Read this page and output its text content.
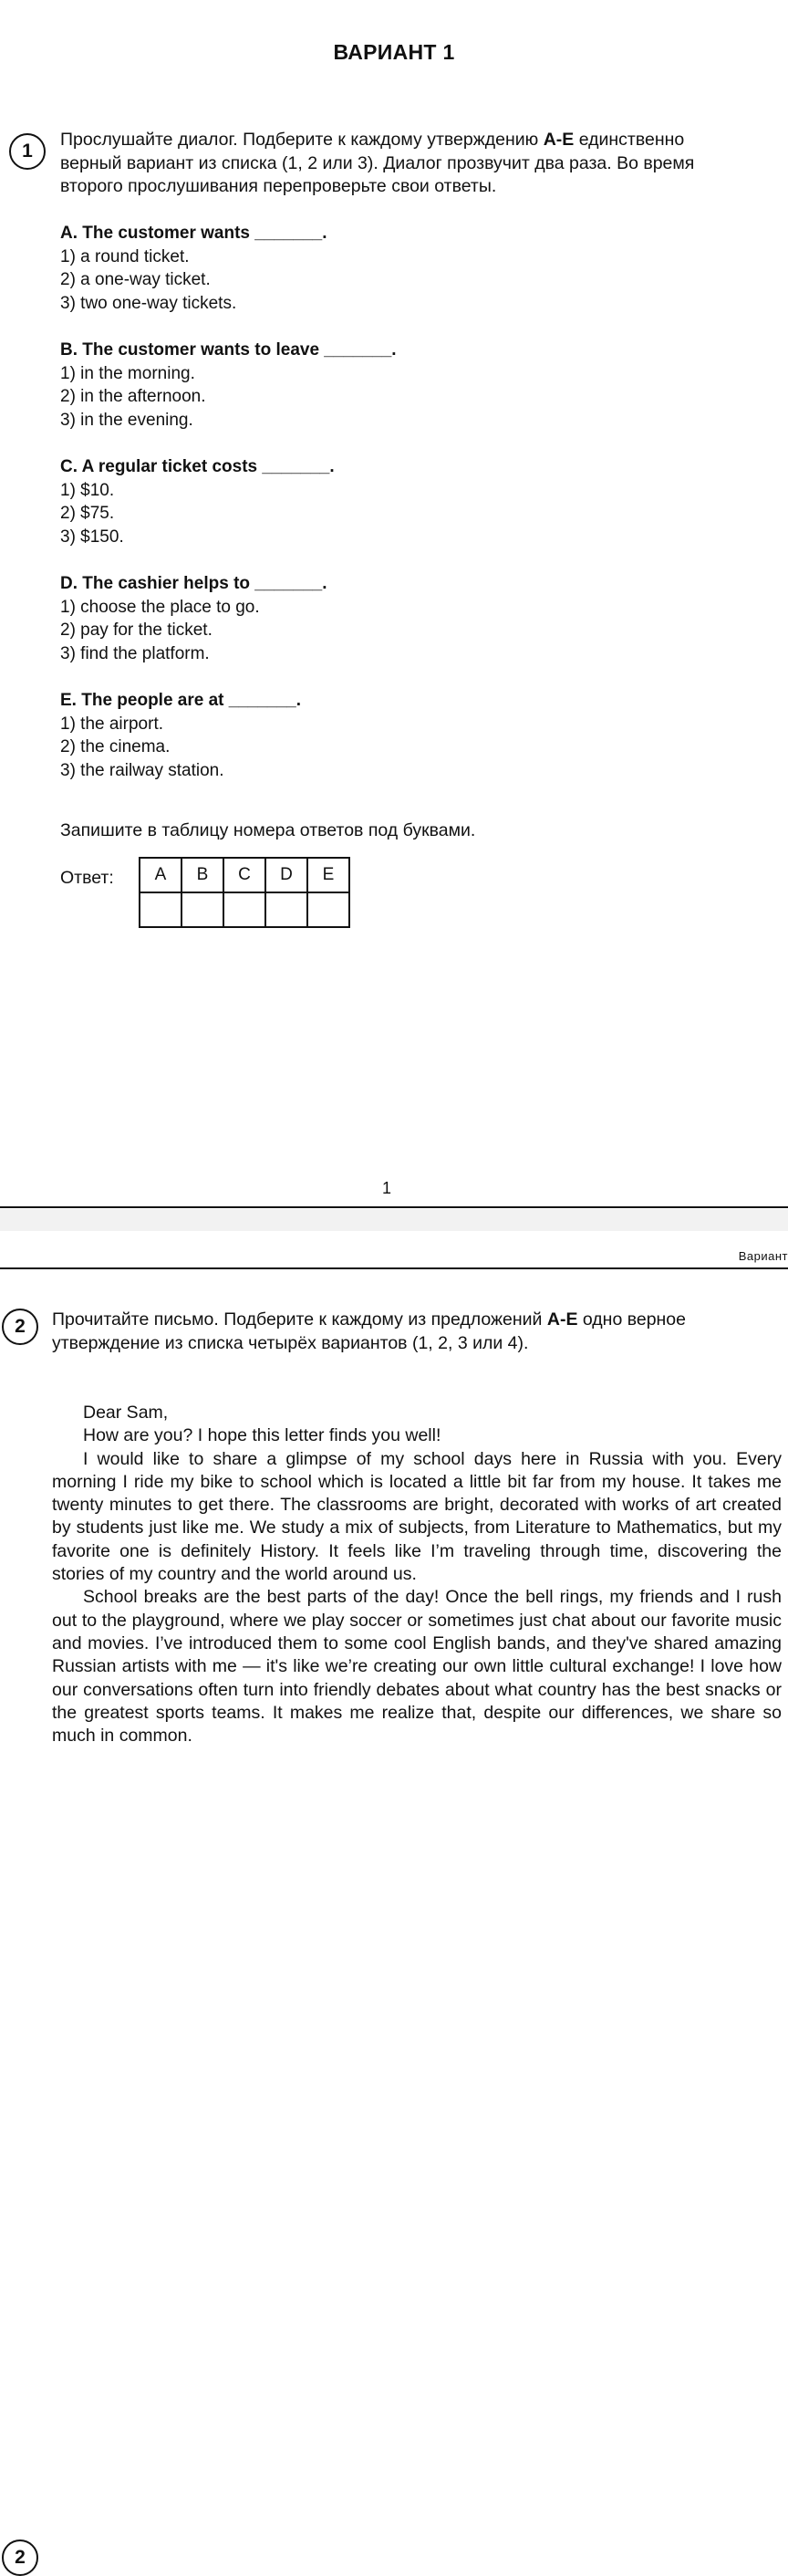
ВАРИАНТ 1
1
Прослушайте диалог. Подберите к каждому утверждению А-Е единственно
верный вариант из списка (1, 2 или 3). Диалог прозвучит два раза. Во время
второго прослушивания перепроверьте свои ответы.
A. The customer wants _______.
1) a round ticket.
2) a one-way ticket.
3) two one-way tickets.
B. The customer wants to leave _______.
1) in the morning.
2) in the afternoon.
3) in the evening.
C. A regular ticket costs _______.
1) $10.
2) $75.
3) $150.
D. The cashier helps to _______.
1) choose the place to go.
2) pay for the ticket.
3) find the platform.
E. The people are at _______.
1) the airport.
2) the cinema.
3) the railway station.
Запишите в таблицу номера ответов под буквами.
Ответ: A	B	C	D	E

1
Вариант
2
2	Прочитайте письмо. Подберите к каждому из предложений А-Е одно верное
утверждение из списка четырёх вариантов (1, 2, 3 или 4).

Dear Sam,

How are you? I hope this letter finds you well!

I would like to share a glimpse of my school days here in Russia with you. Every morning I ride my bike to school which is located a little bit far from my house. It takes me twenty minutes to get there. The classrooms are bright, decorated with works of art created by students just like me. We study a mix of subjects, from Literature to Mathematics, but my favorite one is definitely History. It feels like I’m traveling through time, discovering the stories of my country and the world around us.

School breaks are the best parts of the day! Once the bell rings, my friends and I rush out to the playground, where we play soccer or sometimes just chat about our favorite music and movies. I’ve introduced them to some cool English bands, and they've shared amazing Russian artists with me — it's like we’re creating our own little cultural exchange! I love how our conversations often turn into friendly debates about what country has the best snacks or the greatest sports teams. It makes me realize that, despite our differences, we share so much in common.
